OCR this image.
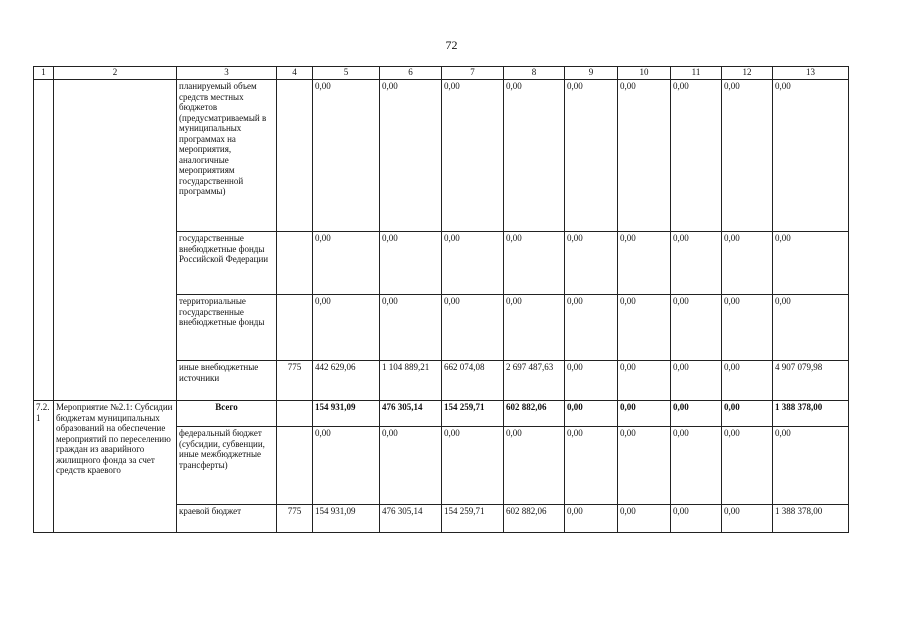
72
1	2	3	4	5	6	7	8	9	10	11	12	13
		планируемый объем средств местных бюджетов (предусматриваемый в муниципальных программах на мероприятия, аналогичные мероприятиям государственной программы)		0,00	0,00	0,00	0,00	0,00	0,00	0,00	0,00	0,00
		государственные внебюджетные фонды Российской Федерации		0,00	0,00	0,00	0,00	0,00	0,00	0,00	0,00	0,00
		территориальные государственные внебюджетные фонды		0,00	0,00	0,00	0,00	0,00	0,00	0,00	0,00	0,00
		иные внебюджетные источники	775	442 629,06	1 104 889,21	662 074,08	2 697 487,63	0,00	0,00	0,00	0,00	4 907 079,98
7.2.1	Мероприятие №2.1: Субсидии бюджетам муниципальных образований на обеспечение мероприятий по переселению граждан из аварийного жилищного фонда за счет средств краевого	Всего		154 931,09	476 305,14	154 259,71	602 882,06	0,00	0,00	0,00	0,00	1 388 378,00
		федеральный бюджет (субсидии, субвенции, иные межбюджетные трансферты)		0,00	0,00	0,00	0,00	0,00	0,00	0,00	0,00	0,00
		краевой бюджет	775	154 931,09	476 305,14	154 259,71	602 882,06	0,00	0,00	0,00	0,00	1 388 378,00
